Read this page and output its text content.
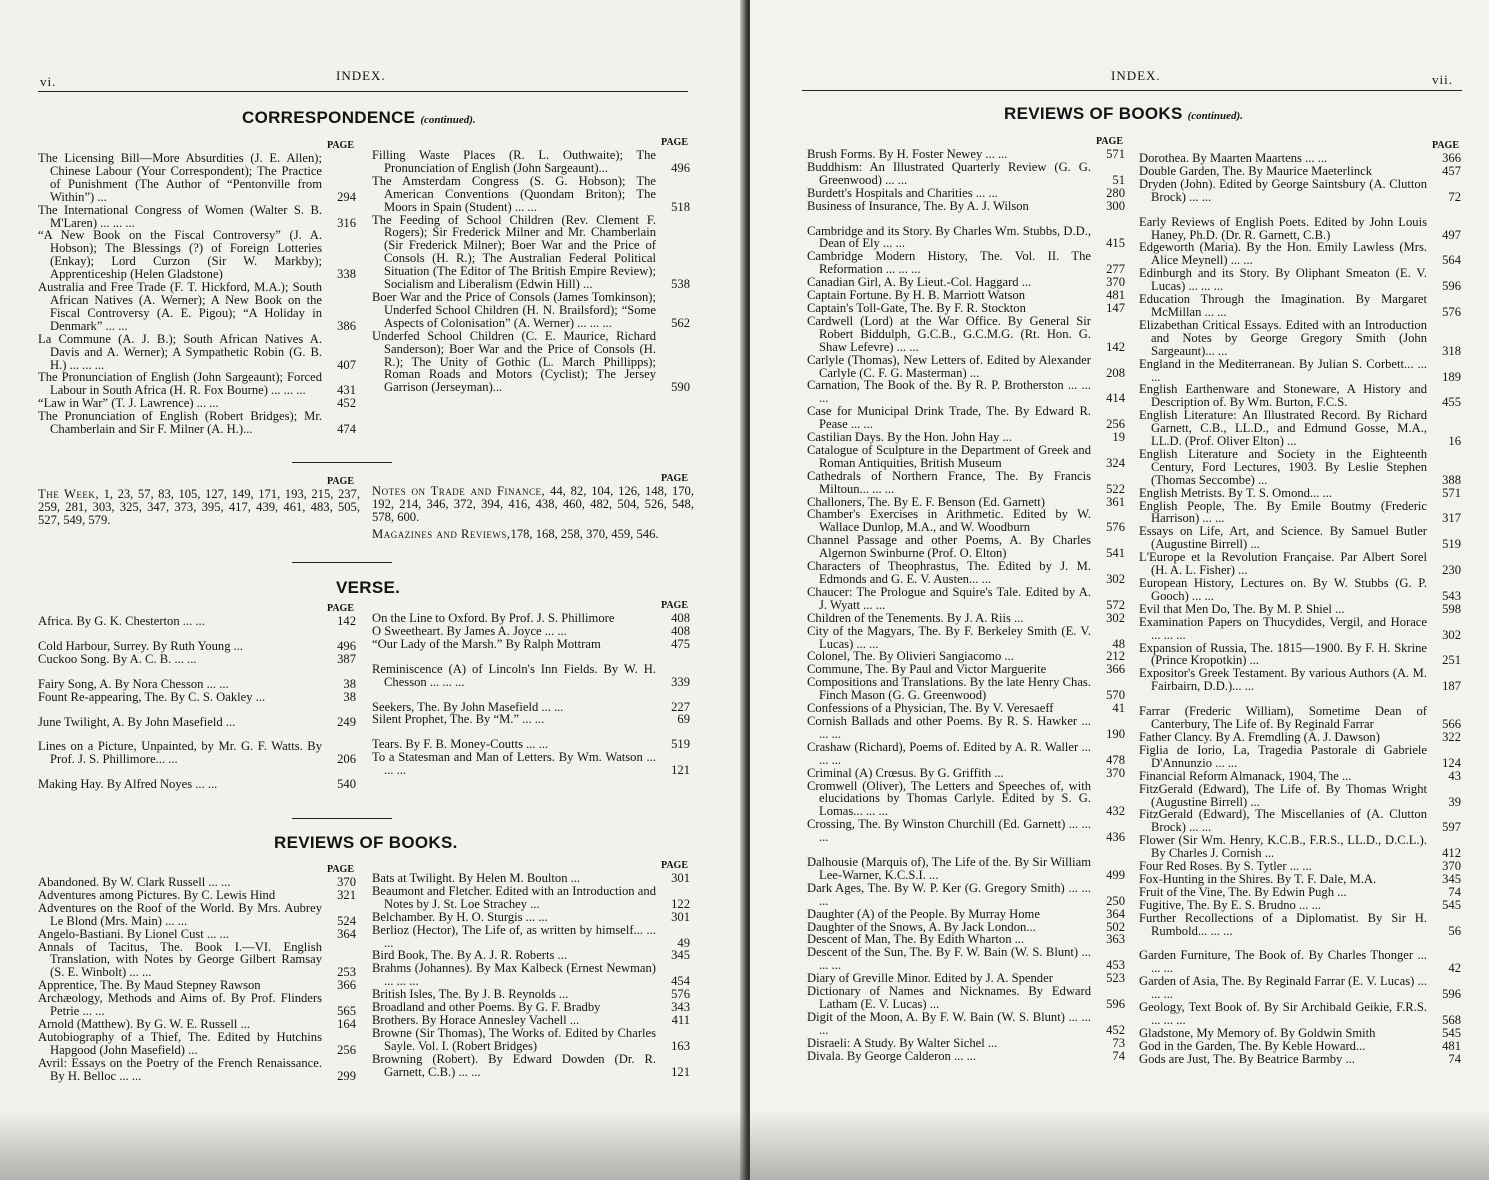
vi.	INDEX.
CORRESPONDENCE (continued).
PAGE
The Licensing Bill—More Absurdities (J. E. Allen); Chinese Labour (Your Correspondent); The Practice of Punishment (The Author of “Pentonville from Within”) ...	294
The International Congress of Women (Walter S. B. M'Laren) ... ... ...	316
“A New Book on the Fiscal Controversy” (J. A. Hobson); The Blessings (?) of Foreign Lotteries (Enkay); Lord Curzon (Sir W. Markby); Apprenticeship (Helen Gladstone)	338
Australia and Free Trade (F. T. Hickford, M.A.); South African Natives (A. Werner); A New Book on the Fiscal Controversy (A. E. Pigou); “A Holiday in Denmark” ... ...	386
La Commune (A. J. B.); South African Natives A. Davis and A. Werner); A Sympathetic Robin (G. B. H.) ... ... ...	407
The Pronunciation of English (John Sargeaunt); Forced Labour in South Africa (H. R. Fox Bourne) ... ... ... 431
“Law in War” (T. J. Lawrence) ... ...	452
The Pronunciation of English (Robert Bridges); Mr. Chamberlain and Sir F. Milner (A. H.)...	474
PAGE
Filling Waste Places (R. L. Outhwaite); The Pronunciation of English (John Sargeaunt)...	496
The Amsterdam Congress (S. G. Hobson); The American Conventions (Quondam Briton); The Moors in Spain (Student) ... ...	518
The Feeding of School Children (Rev. Clement F. Rogers); Sir Frederick Milner and Mr. Chamberlain (Sir Frederick Milner); Boer War and the Price of Consols (H. R.); The Australian Federal Political Situation (The Editor of The British Empire Review); Socialism and Liberalism (Edwin Hill) ...	538
Boer War and the Price of Consols (James Tomkinson); Underfed School Children (H. N. Brailsford); “Some Aspects of Colonisation” (A. Werner) ... ... ...	562
Underfed School Children (C. E. Maurice, Richard Sanderson); Boer War and the Price of Consols (H. R.); The Unity of Gothic (L. March Phillipps); Roman Roads and Motors (Cyclist); The Jersey Garrison (Jerseyman)...	590
PAGE
The Week, 1, 23, 57, 83, 105, 127, 149, 171, 193, 215, 237, 259, 281, 303, 325, 347, 373, 395, 417, 439, 461, 483, 505, 527, 549, 579.
PAGE
Notes on Trade and Finance, 44, 82, 104, 126, 148, 170, 192, 214, 346, 372, 394, 416, 438, 460, 482, 504, 526, 548, 578, 600.
Magazines and Reviews,178, 168, 258, 370, 459, 546.
VERSE.
PAGE
Africa. By G. K. Chesterton ... ...	142
Cold Harbour, Surrey. By Ruth Young ...	496
Cuckoo Song. By A. C. B. ... ...	387
Fairy Song, A. By Nora Chesson ... ...	38
Fount Re-appearing, The. By C. S. Oakley ...	38
June Twilight, A. By John Masefield ...	249
Lines on a Picture, Unpainted, by Mr. G. F. Watts. By Prof. J. S. Phillimore... ...	206
Making Hay. By Alfred Noyes ... ...	540
PAGE
On the Line to Oxford. By Prof. J. S. Phillimore	408
O Sweetheart. By James A. Joyce ... ...	408
“Our Lady of the Marsh.” By Ralph Mottram	475
Reminiscence (A) of Lincoln's Inn Fields. By W. H. Chesson ... ... ...	339
Seekers, The. By John Masefield ... ...	227
Silent Prophet, The. By “M.” ... ...	69
Tears. By F. B. Money-Coutts ... ...	519
To a Statesman and Man of Letters. By Wm. Watson ... ... ...	121
REVIEWS OF BOOKS.
PAGE
Abandoned. By W. Clark Russell ... ...	370
Adventures among Pictures. By C. Lewis Hind	321
Adventures on the Roof of the World. By Mrs. Aubrey Le Blond (Mrs. Main) ... ...	524
Angelo-Bastiani. By Lionel Cust ... ...	364
Annals of Tacitus, The. Book I.—VI. English Translation, with Notes by George Gilbert Ramsay (S. E. Winbolt) ... ...	253
Apprentice, The. By Maud Stepney Rawson	366
Archæology, Methods and Aims of. By Prof. Flinders Petrie ... ...	565
Arnold (Matthew). By G. W. E. Russell ...	164
Autobiography of a Thief, The. Edited by Hutchins Hapgood (John Masefield) ...	256
Avril: Essays on the Poetry of the French Renaissance. By H. Belloc ... ...	299
PAGE
Bats at Twilight. By Helen M. Boulton ...	301
Beaumont and Fletcher. Edited with an Introduction and Notes by J. St. Loe Strachey ...	122
Belchamber. By H. O. Sturgis ... ...	301
Berlioz (Hector), The Life of, as written by himself... ... ...	49
Bird Book, The. By A. J. R. Roberts ...	345
Brahms (Johannes). By Max Kalbeck (Ernest Newman) ... ... ...	454
British Isles, The. By J. B. Reynolds ...	576
Broadland and other Poems. By G. F. Bradby	343
Brothers. By Horace Annesley Vachell ...	411
Browne (Sir Thomas), The Works of. Edited by Charles Sayle. Vol. I. (Robert Bridges)	163
Browning (Robert). By Edward Dowden (Dr. R. Garnett, C.B.) ... ...	121
INDEX.	vii.
REVIEWS OF BOOKS (continued).
PAGE
Brush Forms. By H. Foster Newey ... ...	571
Buddhism: An Illustrated Quarterly Review (G. G. Greenwood) ... ...	51
Burdett's Hospitals and Charities ... ...	280
Business of Insurance, The. By A. J. Wilson	300
Cambridge and its Story. By Charles Wm. Stubbs, D.D., Dean of Ely ... ...	415
Cambridge Modern History, The. Vol. II. The Reformation ... ... ...	277
Canadian Girl, A. By Lieut.-Col. Haggard ...	370
Captain Fortune. By H. B. Marriott Watson	481
Captain's Toll-Gate, The. By F. R. Stockton	147
Cardwell (Lord) at the War Office. By General Sir Robert Biddulph, G.C.B., G.C.M.G. (Rt. Hon. G. Shaw Lefevre) ... ...	142
Carlyle (Thomas), New Letters of. Edited by Alexander Carlyle (C. F. G. Masterman) ...	208
Carnation, The Book of the. By R. P. Brotherston ... ... ...	414
Case for Municipal Drink Trade, The. By Edward R. Pease ... ...	256
Castilian Days. By the Hon. John Hay ...	19
Catalogue of Sculpture in the Department of Greek and Roman Antiquities, British Museum	324
Cathedrals of Northern France, The. By Francis Miltoun... ... ...	522
Challoners, The. By E. F. Benson (Ed. Garnett)	361
Chamber's Exercises in Arithmetic. Edited by W. Wallace Dunlop, M.A., and W. Woodburn	576
Channel Passage and other Poems, A. By Charles Algernon Swinburne (Prof. O. Elton)	541
Characters of Theophrastus, The. Edited by J. M. Edmonds and G. E. V. Austen... ...	302
Chaucer: The Prologue and Squire's Tale. Edited by A. J. Wyatt ... ...	572
Children of the Tenements. By J. A. Riis ...	302
City of the Magyars, The. By F. Berkeley Smith (E. V. Lucas) ... ...	48
Colonel, The. By Olivieri Sangiacomo ...	212
Commune, The. By Paul and Victor Marguerite	366
Compositions and Translations. By the late Henry Chas. Finch Mason (G. G. Greenwood)	570
Confessions of a Physician, The. By V. Veresaeff	41
Cornish Ballads and other Poems. By R. S. Hawker ... ... ...	190
Crashaw (Richard), Poems of. Edited by A. R. Waller ... ... ...	478
Criminal (A) Crœsus. By G. Griffith ...	370
Cromwell (Oliver), The Letters and Speeches of, with elucidations by Thomas Carlyle. Edited by S. G. Lomas... ... ...	432
Crossing, The. By Winston Churchill (Ed. Garnett) ... ... ...	436
Dalhousie (Marquis of), The Life of the. By Sir William Lee-Warner, K.C.S.I. ...	499
Dark Ages, The. By W. P. Ker (G. Gregory Smith) ... ... ...	250
Daughter (A) of the People. By Murray Home	364
Daughter of the Snows, A. By Jack London...	502
Descent of Man, The. By Edith Wharton ...	363
Descent of the Sun, The. By F. W. Bain (W. S. Blunt) ... ... ...	453
Diary of Greville Minor. Edited by J. A. Spender	523
Dictionary of Names and Nicknames. By Edward Latham (E. V. Lucas) ...	596
Digit of the Moon, A. By F. W. Bain (W. S. Blunt) ... ... ...	452
Disraeli: A Study. By Walter Sichel ...	73
Divala. By George Calderon ... ...	74
PAGE
Dorothea. By Maarten Maartens ... ...	366
Double Garden, The. By Maurice Maeterlinck	457
Dryden (John). Edited by George Saintsbury (A. Clutton Brock) ... ...	72
Early Reviews of English Poets. Edited by John Louis Haney, Ph.D. (Dr. R. Garnett, C.B.)	497
Edgeworth (Maria). By the Hon. Emily Lawless (Mrs. Alice Meynell) ... ...	564
Edinburgh and its Story. By Oliphant Smeaton (E. V. Lucas) ... ... ...	596
Education Through the Imagination. By Margaret McMillan ... ...	576
Elizabethan Critical Essays. Edited with an Introduction and Notes by George Gregory Smith (John Sargeaunt)... ...	318
England in the Mediterranean. By Julian S. Corbett... ... ...	189
English Earthenware and Stoneware, A History and Description of. By Wm. Burton, F.C.S.	455
English Literature: An Illustrated Record. By Richard Garnett, C.B., LL.D., and Edmund Gosse, M.A., LL.D. (Prof. Oliver Elton) ...	16
English Literature and Society in the Eighteenth Century, Ford Lectures, 1903. By Leslie Stephen (Thomas Seccombe) ...	388
English Metrists. By T. S. Omond... ...	571
English People, The. By Emile Boutmy (Frederic Harrison) ... ...	317
Essays on Life, Art, and Science. By Samuel Butler (Augustine Birrell) ...	519
L'Europe et la Revolution Française. Par Albert Sorel (H. A. L. Fisher) ...	230
European History, Lectures on. By W. Stubbs (G. P. Gooch) ... ...	543
Evil that Men Do, The. By M. P. Shiel ...	598
Examination Papers on Thucydides, Vergil, and Horace ... ... ...	302
Expansion of Russia, The. 1815—1900. By F. H. Skrine (Prince Kropotkin) ...	251
Expositor's Greek Testament. By various Authors (A. M. Fairbairn, D.D.)... ...	187
Farrar (Frederic William), Sometime Dean of Canterbury, The Life of. By Reginald Farrar	566
Father Clancy. By A. Fremdling (A. J. Dawson)	322
Figlia de Iorio, La, Tragedia Pastorale di Gabriele D'Annunzio ... ...	124
Financial Reform Almanack, 1904, The ...	43
FitzGerald (Edward), The Life of. By Thomas Wright (Augustine Birrell) ...	39
FitzGerald (Edward), The Miscellanies of (A. Clutton Brock) ... ...	597
Flower (Sir Wm. Henry, K.C.B., F.R.S., LL.D., D.C.L.). By Charles J. Cornish ...	412
Four Red Roses. By S. Tytler ... ...	370
Fox-Hunting in the Shires. By T. F. Dale, M.A.	345
Fruit of the Vine, The. By Edwin Pugh ...	74
Fugitive, The. By E. S. Brudno ... ...	545
Further Recollections of a Diplomatist. By Sir H. Rumbold... ... ...	56
Garden Furniture, The Book of. By Charles Thonger ... ... ...	42
Garden of Asia, The. By Reginald Farrar (E. V. Lucas) ... ... ...	596
Geology, Text Book of. By Sir Archibald Geikie, F.R.S. ... ... ...	568
Gladstone, My Memory of. By Goldwin Smith	545
God in the Garden, The. By Keble Howard...	481
Gods are Just, The. By Beatrice Barmby ...	74
